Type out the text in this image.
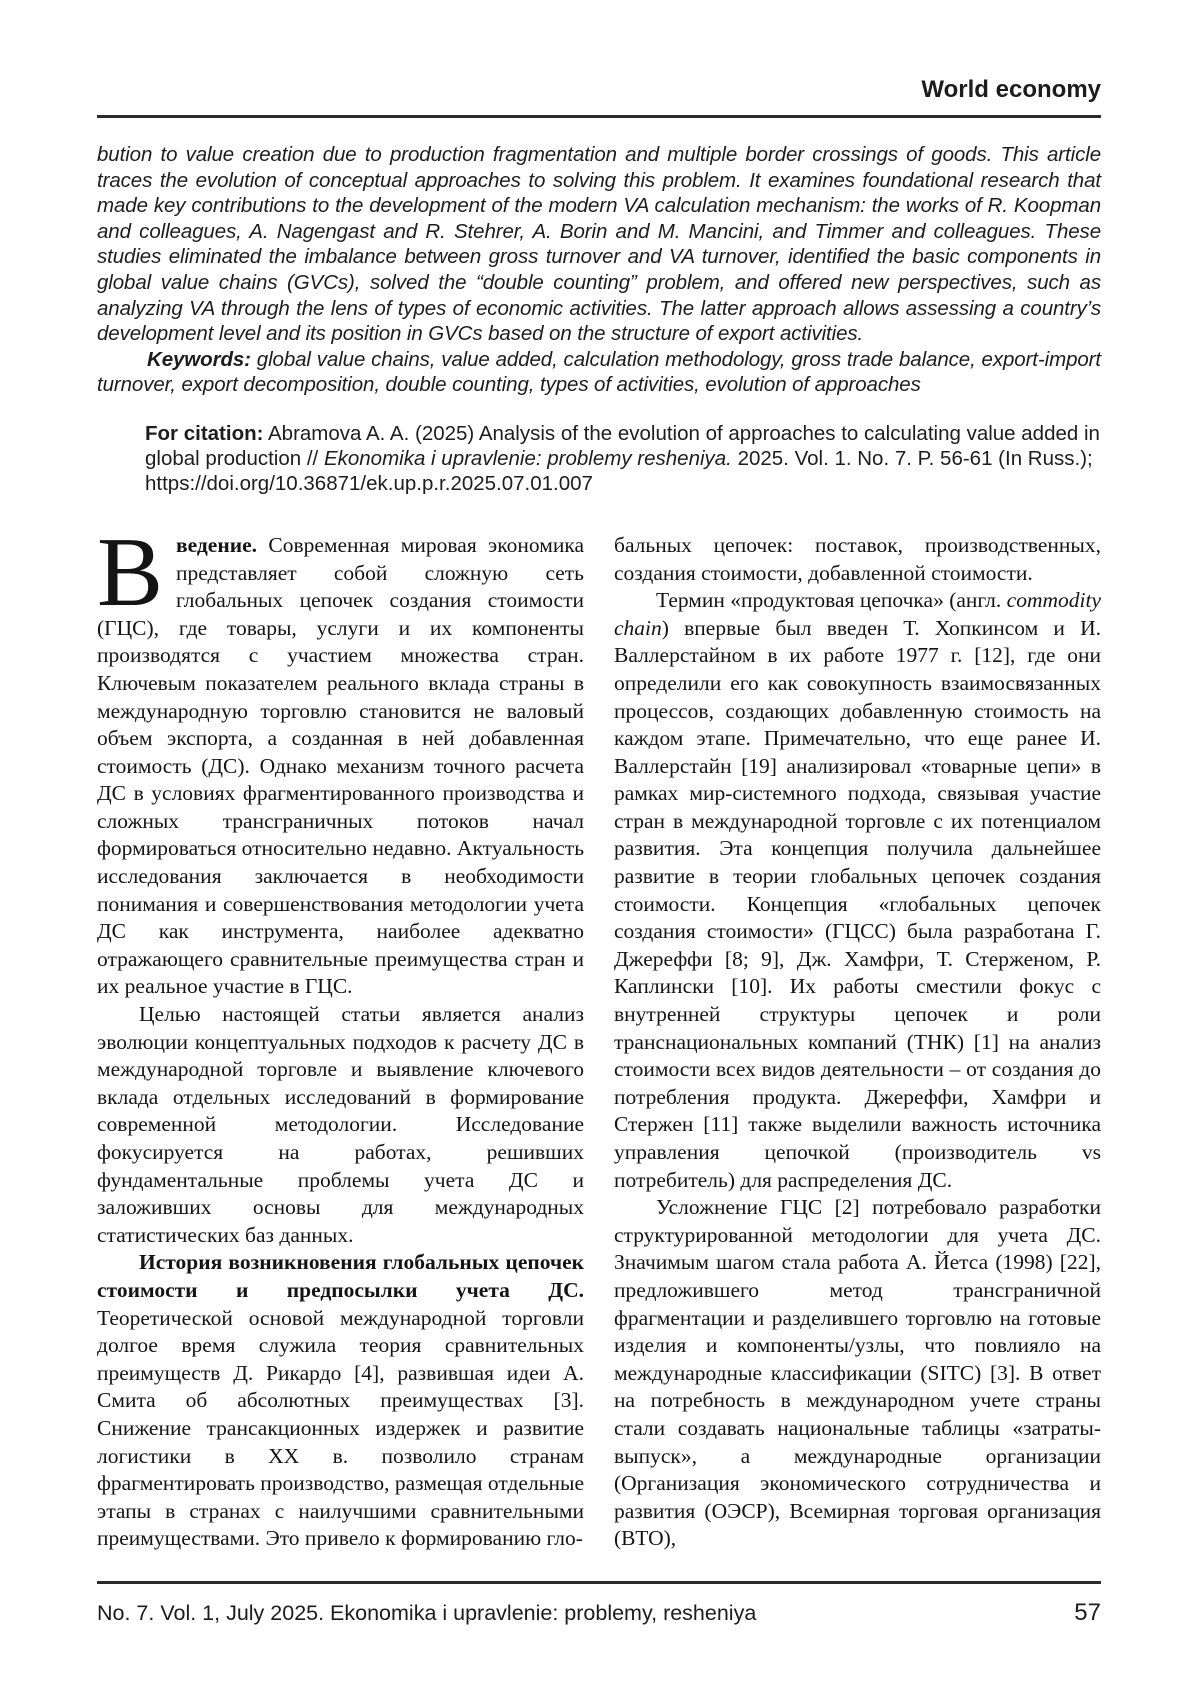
World economy

bution to value creation due to production fragmentation and multiple border crossings of goods. This article traces the evolution of conceptual approaches to solving this problem. It examines foundational research that made key contributions to the development of the modern VA calculation mechanism: the works of R. Koopman and colleagues, A. Nagengast and R. Stehrer, A. Borin and M. Mancini, and Timmer and colleagues. These studies eliminated the imbalance between gross turnover and VA turnover, identified the basic components in global value chains (GVCs), solved the “double counting” problem, and offered new perspectives, such as analyzing VA through the lens of types of economic activities. The latter approach allows assessing a country’s development level and its position in GVCs based on the structure of export activities.

Keywords: global value chains, value added, calculation methodology, gross trade balance, export-import turnover, export decomposition, double counting, types of activities, evolution of approaches

For citation: Abramova A. A. (2025) Analysis of the evolution of approaches to calculating value added in global production // Ekonomika i upravlenie: problemy resheniya. 2025. Vol. 1. No. 7. P. 56-61 (In Russ.); https://doi.org/10.36871/ek.up.p.r.2025.07.01.007

Введение. Современная мировая экономика представляет собой сложную сеть глобальных цепочек создания стоимости (ГЦС), где товары, услуги и их компоненты производятся с участием множества стран. Ключевым показателем реального вклада страны в международную торговлю становится не валовый объем экспорта, а созданная в ней добавленная стоимость (ДС). Однако механизм точного расчета ДС в условиях фрагментированного производства и сложных трансграничных потоков начал формироваться относительно недавно. Актуальность исследования заключается в необходимости понимания и совершенствования методологии учета ДС как инструмента, наиболее адекватно отражающего сравнительные преимущества стран и их реальное участие в ГЦС.

Целью настоящей статьи является анализ эволюции концептуальных подходов к расчету ДС в международной торговле и выявление ключевого вклада отдельных исследований в формирование современной методологии. Исследование фокусируется на работах, решивших фундаментальные проблемы учета ДС и заложивших основы для международных статистических баз данных.

История возникновения глобальных цепочек стоимости и предпосылки учета ДС. Теоретической основой международной торговли долгое время служила теория сравнительных преимуществ Д. Рикардо [4], развившая идеи А. Смита об абсолютных преимуществах [3]. Снижение трансакционных издержек и развитие логистики в XX в. позволило странам фрагментировать производство, размещая отдельные этапы в странах с наилучшими сравнительными преимуществами. Это привело к формированию гло-

бальных цепочек: поставок, производственных, создания стоимости, добавленной стоимости.

Термин «продуктовая цепочка» (англ. commodity chain) впервые был введен Т. Хопкинсом и И. Валлерстайном в их работе 1977 г. [12], где они определили его как совокупность взаимосвязанных процессов, создающих добавленную стоимость на каждом этапе. Примечательно, что еще ранее И. Валлерстайн [19] анализировал «товарные цепи» в рамках мир-системного подхода, связывая участие стран в международной торговле с их потенциалом развития. Эта концепция получила дальнейшее развитие в теории глобальных цепочек создания стоимости. Концепция «глобальных цепочек создания стоимости» (ГЦСС) была разработана Г. Джереффи [8; 9], Дж. Хамфри, Т. Стерженом, Р. Каплински [10]. Их работы сместили фокус с внутренней структуры цепочек и роли транснациональных компаний (ТНК) [1] на анализ стоимости всех видов деятельности – от создания до потребления продукта. Джереффи, Хамфри и Стержен [11] также выделили важность источника управления цепочкой (производитель vs потребитель) для распределения ДС.

Усложнение ГЦС [2] потребовало разработки структурированной методологии для учета ДС. Значимым шагом стала работа А. Йетса (1998) [22], предложившего метод трансграничной фрагментации и разделившего торговлю на готовые изделия и компоненты/узлы, что повлияло на международные классификации (SITC) [3]. В ответ на потребность в международном учете страны стали создавать национальные таблицы «затраты-выпуск», а международные организации (Организация экономического сотрудничества и развития (ОЭСР), Всемирная торговая организация (ВТО),

No. 7. Vol. 1, July 2025. Ekonomika i upravlenie: problemy, resheniya	57
